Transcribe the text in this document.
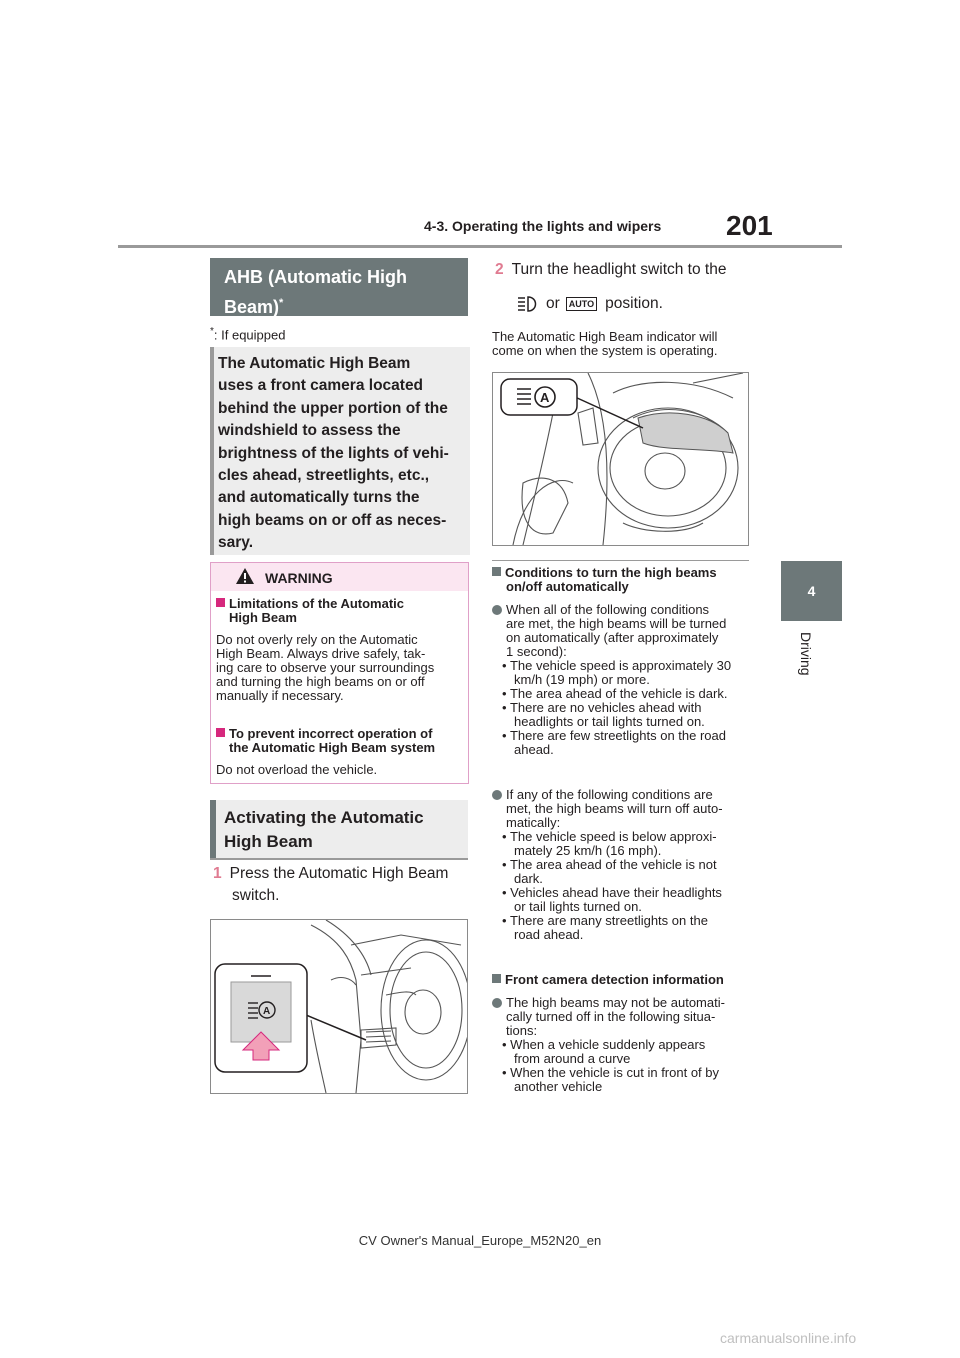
4-3. Operating the lights and wipers 201
4
Driving
AHB (Automatic High Beam)*
*: If equipped
The Automatic High Beam
uses a front camera located
behind the upper portion of the
windshield to assess the
brightness of the lights of vehi-
cles ahead, streetlights, etc.,
and automatically turns the
high beams on or off as neces-
sary.
WARNING

Limitations of the Automatic
High Beam

Do not overly rely on the Automatic
High Beam. Always drive safely, tak-
ing care to observe your surroundings
and turning the high beams on or off
manually if necessary.

To prevent incorrect operation of
the Automatic High Beam system

Do not overload the vehicle.

Activating the Automatic High Beam
1 Press the Automatic High Beam
switch.
A
2 Turn the headlight switch to the
or	AUTO position.
The Automatic High Beam indicator will
come on when the system is operating.
A
Conditions to turn the high beams
on/off automatically
When all of the following conditions
are met, the high beams will be turned
on automatically (after approximately
1 second):
• The vehicle speed is approximately 30
km/h (19 mph) or more.
• The area ahead of the vehicle is dark.
• There are no vehicles ahead with
headlights or tail lights turned on.
• There are few streetlights on the road
ahead.
If any of the following conditions are
met, the high beams will turn off auto-
matically:
• The vehicle speed is below approxi-
mately 25 km/h (16 mph).
• The area ahead of the vehicle is not
dark.
• Vehicles ahead have their headlights
or tail lights turned on.
• There are many streetlights on the
road ahead.
Front camera detection information
The high beams may not be automati-
cally turned off in the following situa-
tions:
• When a vehicle suddenly appears
from around a curve
• When the vehicle is cut in front of by
another vehicle
CV Owner's Manual_Europe_M52N20_en
carmanualsonline.info
